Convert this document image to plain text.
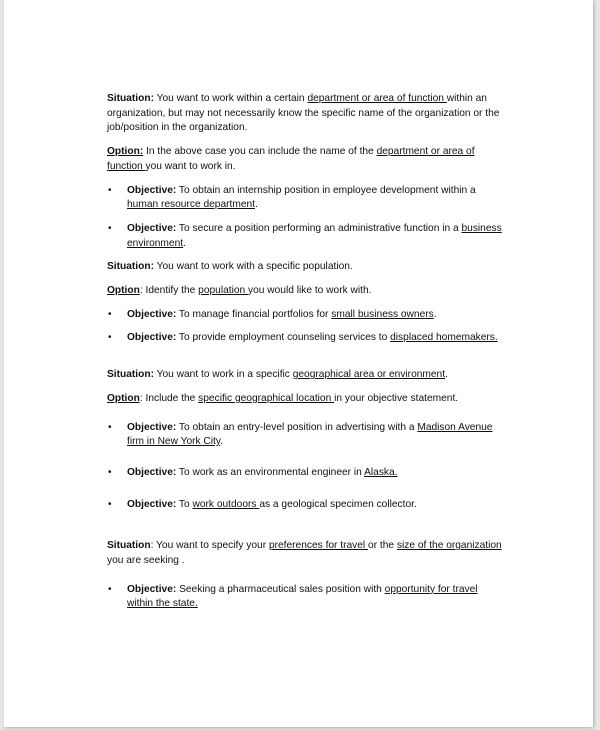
Situation: You want to work within a certain department or area of function within an organization, but may not necessarily know the specific name of the organization or the job/position in the organization.

Option: In the above case you can include the name of the department or area of function you want to work in.

• Objective: To obtain an internship position in employee development within a human resource department.
• Objective: To secure a position performing an administrative function in a business environment.

Situation: You want to work with a specific population.

Option: Identify the population you would like to work with.

• Objective: To manage financial portfolios for small business owners.
• Objective: To provide employment counseling services to displaced homemakers.

Situation: You want to work in a specific geographical area or environment.

Option: Include the specific geographical location in your objective statement.

• Objective: To obtain an entry-level position in advertising with a Madison Avenue firm in New York City.
• Objective: To work as an environmental engineer in Alaska.
• Objective: To work outdoors as a geological specimen collector.

Situation: You want to specify your preferences for travel or the size of the organization you are seeking .

• Objective: Seeking a pharmaceutical sales position with opportunity for travel within the state.
